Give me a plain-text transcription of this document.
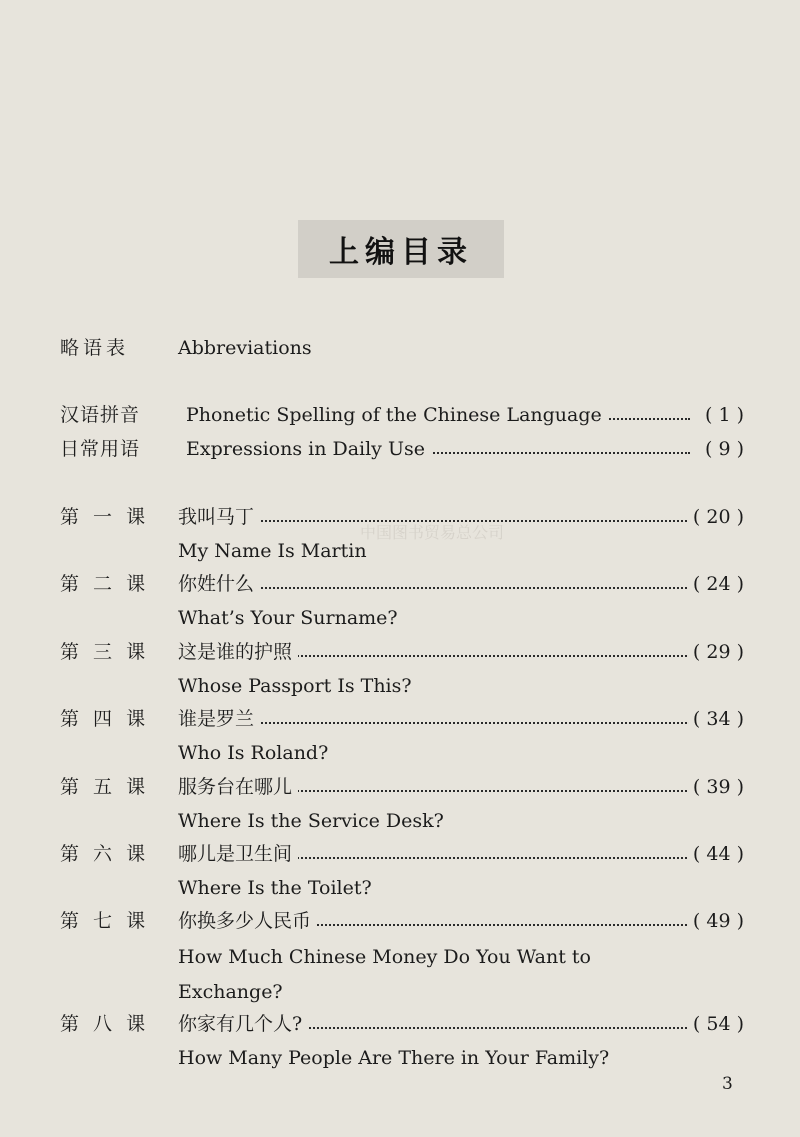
上编目录
中国图书贸易总公司
略语表	Abbreviations
汉语拼音 Phonetic Spelling of the Chinese Language	( 1 )
日常用语 Expressions in Daily Use	( 9 )
第 一 课 我叫马丁	( 20 )
My Name Is Martin
第 二 课 你姓什么	( 24 )
What’s Your Surname?
第 三 课 这是谁的护照	( 29 )
Whose Passport Is This?
第 四 课 谁是罗兰	( 34 )
Who Is Roland?
第 五 课 服务台在哪儿	( 39 )
Where Is the Service Desk?
第 六 课 哪儿是卫生间	( 44 )
Where Is the Toilet?
第 七 课 你换多少人民币	( 49 )
How Much Chinese Money Do You Want to
Exchange?
第 八 课 你家有几个人?	( 54 )
How Many People Are There in Your Family?
3
